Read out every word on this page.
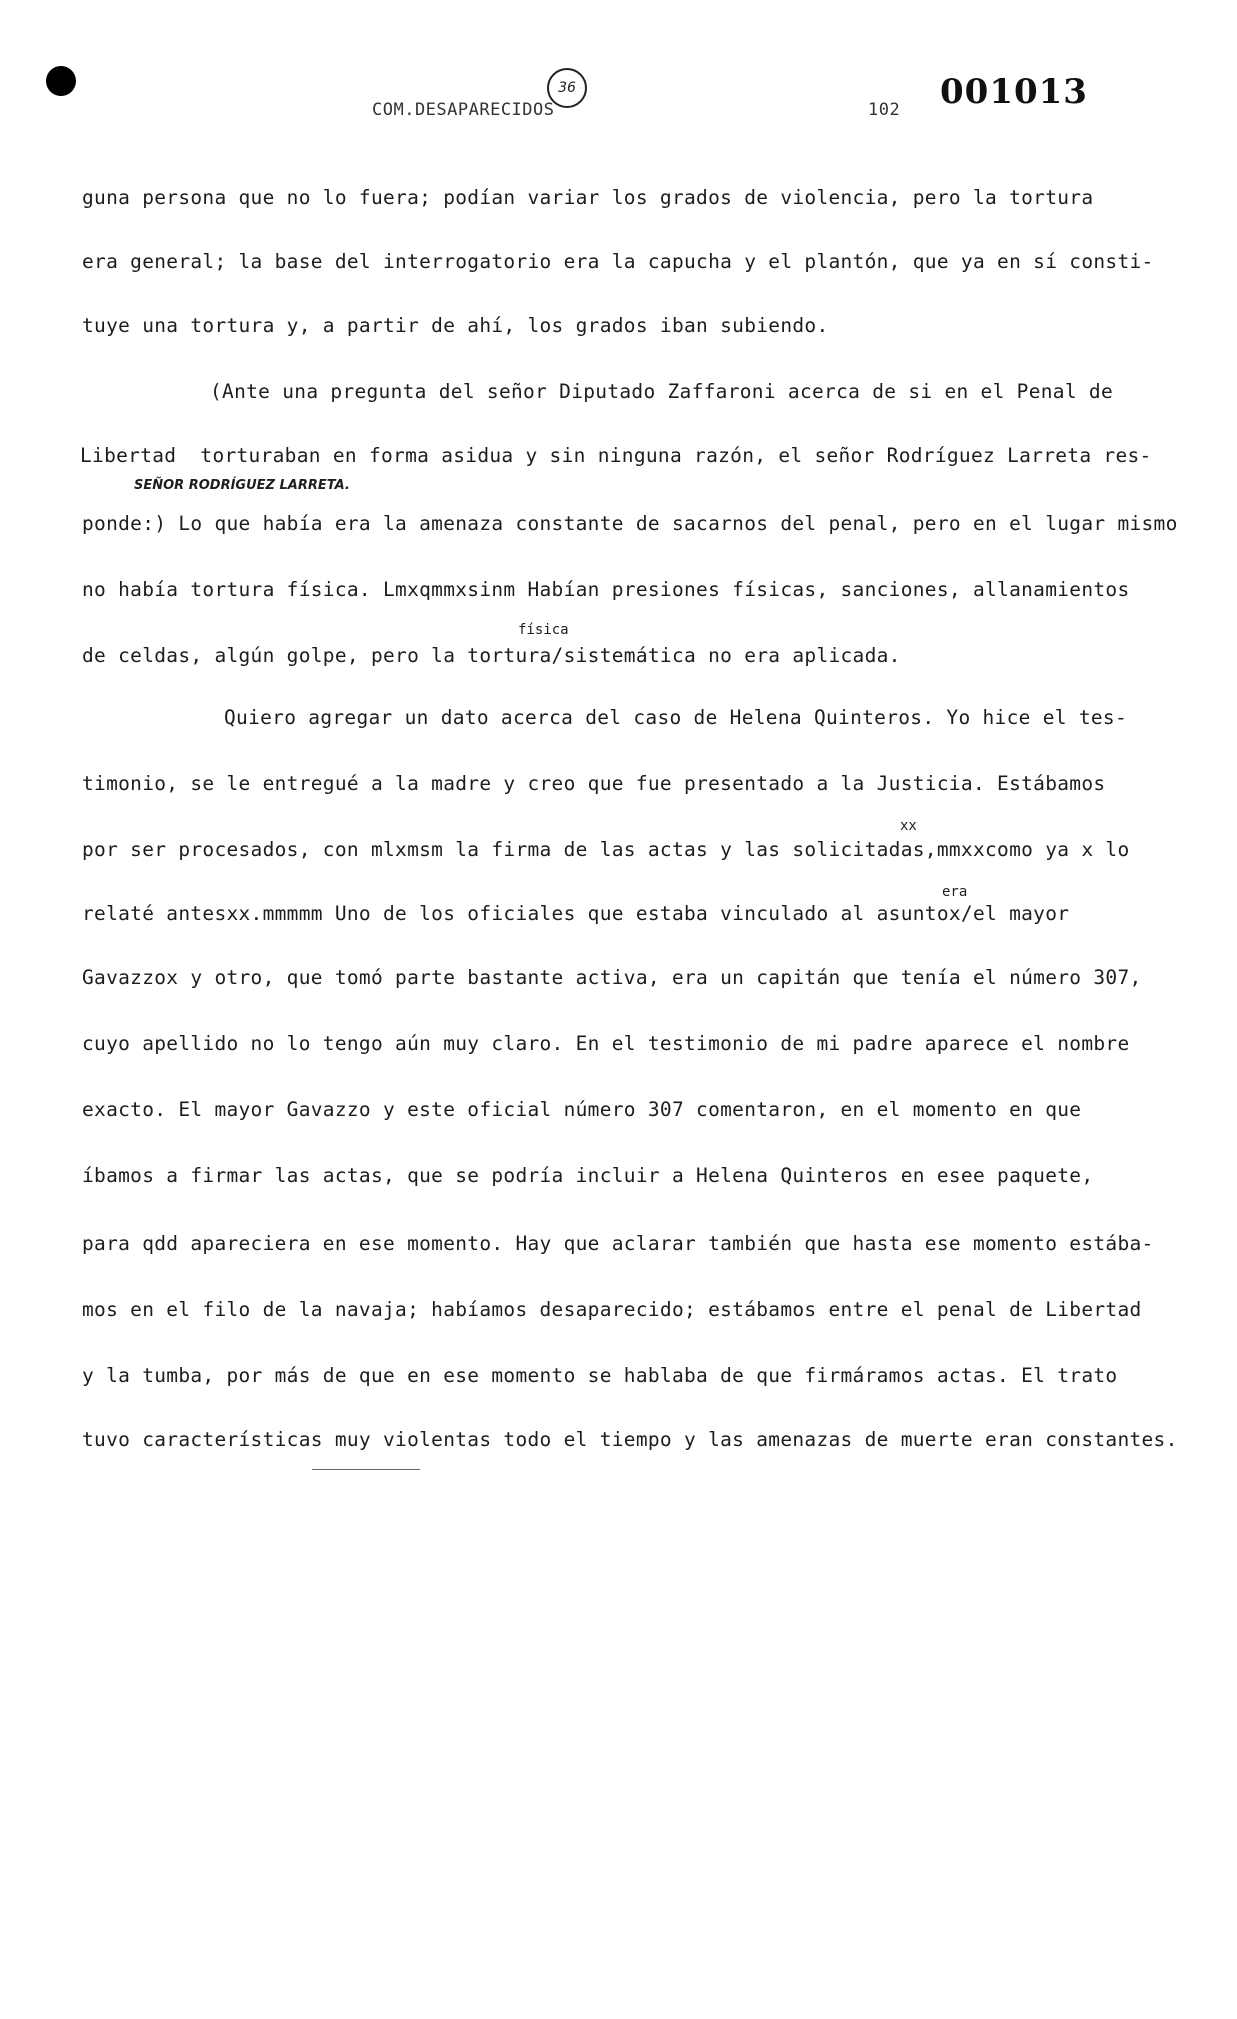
COM.DESAPARECIDOS
36
102 001013
guna persona que no lo fuera; podían variar los grados de violencia, pero la tortura
era general; la base del interrogatorio era la capucha y el plantón, que ya en sí consti-
tuye una tortura y, a partir de ahí, los grados iban subiendo.
(Ante una pregunta del señor Diputado Zaffaroni acerca de si en el Penal de
Libertad  torturaban en forma asidua y sin ninguna razón, el señor Rodríguez Larreta res-
SEÑOR RODRÍGUEZ LARRETA.
ponde:) Lo que había era la amenaza constante de sacarnos del penal, pero en el lugar mismo
no había tortura física. Lmxqmmxsinm Habían presiones físicas, sanciones, allanamientos
física
de celdas, algún golpe, pero la tortura/sistemática no era aplicada.
Quiero agregar un dato acerca del caso de Helena Quinteros. Yo hice el tes-
timonio, se le entregué a la madre y creo que fue presentado a la Justicia. Estábamos
xx
por ser procesados, con mlxmsm la firma de las actas y las solicitadas,mmxxcomo ya x lo
era
relaté antesxx.mmmmm Uno de los oficiales que estaba vinculado al asuntox/el mayor
Gavazzox y otro, que tomó parte bastante activa, era un capitán que tenía el número 307,
cuyo apellido no lo tengo aún muy claro. En el testimonio de mi padre aparece el nombre
exacto. El mayor Gavazzo y este oficial número 307 comentaron, en el momento en que
íbamos a firmar las actas, que se podría incluir a Helena Quinteros en esee paquete,
para qdd apareciera en ese momento. Hay que aclarar también que hasta ese momento estába-
mos en el filo de la navaja; habíamos desaparecido; estábamos entre el penal de Libertad
y la tumba, por más de que en ese momento se hablaba de que firmáramos actas. El trato
tuvo características muy violentas todo el tiempo y las amenazas de muerte eran constantes.
